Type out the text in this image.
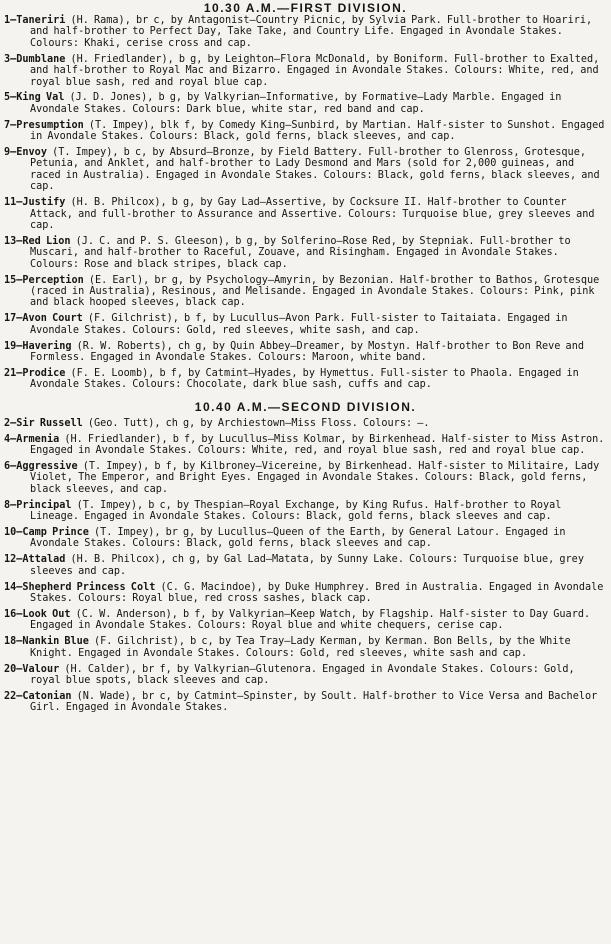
10.30 A.M.—FIRST DIVISION.
1—Taneriri (H. Rama), br c, by Antagonist—Country Picnic, by Sylvia Park. Full-brother to Hoariri, and half-brother to Perfect Day, Take Take, and Country Life. Engaged in Avondale Stakes. Colours: Khaki, cerise cross and cap.
3—Dumblane (H. Friedlander), b g, by Leighton—Flora McDonald, by Boniform. Full-brother to Exalted, and half-brother to Royal Mac and Bizarro. Engaged in Avondale Stakes. Colours: White, red, and royal blue sash, red and royal blue cap.
5—King Val (J. D. Jones), b g, by Valkyrian—Informative, by Formative—Lady Marble. Engaged in Avondale Stakes. Colours: Dark blue, white star, red band and cap.
7—Presumption (T. Impey), blk f, by Comedy King—Sunbird, by Martian. Half-sister to Sunshot. Engaged in Avondale Stakes. Colours: Black, gold ferns, black sleeves, and cap.
9—Envoy (T. Impey), b c, by Absurd—Bronze, by Field Battery. Full-brother to Glenross, Grotesque, Petunia, and Anklet, and half-brother to Lady Desmond and Mars (sold for 2,000 guineas, and raced in Australia). Engaged in Avondale Stakes. Colours: Black, gold ferns, black sleeves, and cap.
11—Justify (H. B. Philcox), b g, by Gay Lad—Assertive, by Cocksure II. Half-brother to Counter Attack, and full-brother to Assurance and Assertive. Colours: Turquoise blue, grey sleeves and cap.
13—Red Lion (J. C. and P. S. Gleeson), b g, by Solferino—Rose Red, by Stepniak. Full-brother to Muscari, and half-brother to Raceful, Zouave, and Risingham. Engaged in Avondale Stakes. Colours: Rose and black stripes, black cap.
15—Perception (E. Earl), br g, by Psychology—Amyrin, by Bezonian. Half-brother to Bathos, Grotesque (raced in Australia), Resinous, and Melisande. Engaged in Avondale Stakes. Colours: Pink, pink and black hooped sleeves, black cap.
17—Avon Court (F. Gilchrist), b f, by Lucullus—Avon Park. Full-sister to Taitaiata. Engaged in Avondale Stakes. Colours: Gold, red sleeves, white sash, and cap.
19—Havering (R. W. Roberts), ch g, by Quin Abbey—Dreamer, by Mostyn. Half-brother to Bon Reve and Formless. Engaged in Avondale Stakes. Colours: Maroon, white band.
21—Prodice (F. E. Loomb), b f, by Catmint—Hyades, by Hymettus. Full-sister to Phaola. Engaged in Avondale Stakes. Colours: Chocolate, dark blue sash, cuffs and cap.
10.40 A.M.—SECOND DIVISION.
2—Sir Russell (Geo. Tutt), ch g, by Archiestown—Miss Floss. Colours: —.
4—Armenia (H. Friedlander), b f, by Lucullus—Miss Kolmar, by Birkenhead. Half-sister to Miss Astron. Engaged in Avondale Stakes. Colours: White, red, and royal blue sash, red and royal blue cap.
6—Aggressive (T. Impey), b f, by Kilbroney—Vicereine, by Birkenhead. Half-sister to Militaire, Lady Violet, The Emperor, and Bright Eyes. Engaged in Avondale Stakes. Colours: Black, gold ferns, black sleeves, and cap.
8—Principal (T. Impey), b c, by Thespian—Royal Exchange, by King Rufus. Half-brother to Royal Lineage. Engaged in Avondale Stakes. Colours: Black, gold ferns, black sleeves and cap.
10—Camp Prince (T. Impey), br g, by Lucullus—Queen of the Earth, by General Latour. Engaged in Avondale Stakes. Colours: Black, gold ferns, black sleeves and cap.
12—Attalad (H. B. Philcox), ch g, by Gal Lad—Matata, by Sunny Lake. Colours: Turquoise blue, grey sleeves and cap.
14—Shepherd Princess Colt (C. G. Macindoe), by Duke Humphrey. Bred in Australia. Engaged in Avondale Stakes. Colours: Royal blue, red cross sashes, black cap.
16—Look Out (C. W. Anderson), b f, by Valkyrian—Keep Watch, by Flagship. Half-sister to Day Guard. Engaged in Avondale Stakes. Colours: Royal blue and white chequers, cerise cap.
18—Nankin Blue (F. Gilchrist), b c, by Tea Tray—Lady Kerman, by Kerman. Bon Bells, by the White Knight. Engaged in Avondale Stakes. Colours: Gold, red sleeves, white sash and cap.
20—Valour (H. Calder), br f, by Valkyrian—Glutenora. Engaged in Avondale Stakes. Colours: Gold, royal blue spots, black sleeves and cap.
22—Catonian (N. Wade), br c, by Catmint—Spinster, by Soult. Half-brother to Vice Versa and Bachelor Girl. Engaged in Avondale Stakes.
